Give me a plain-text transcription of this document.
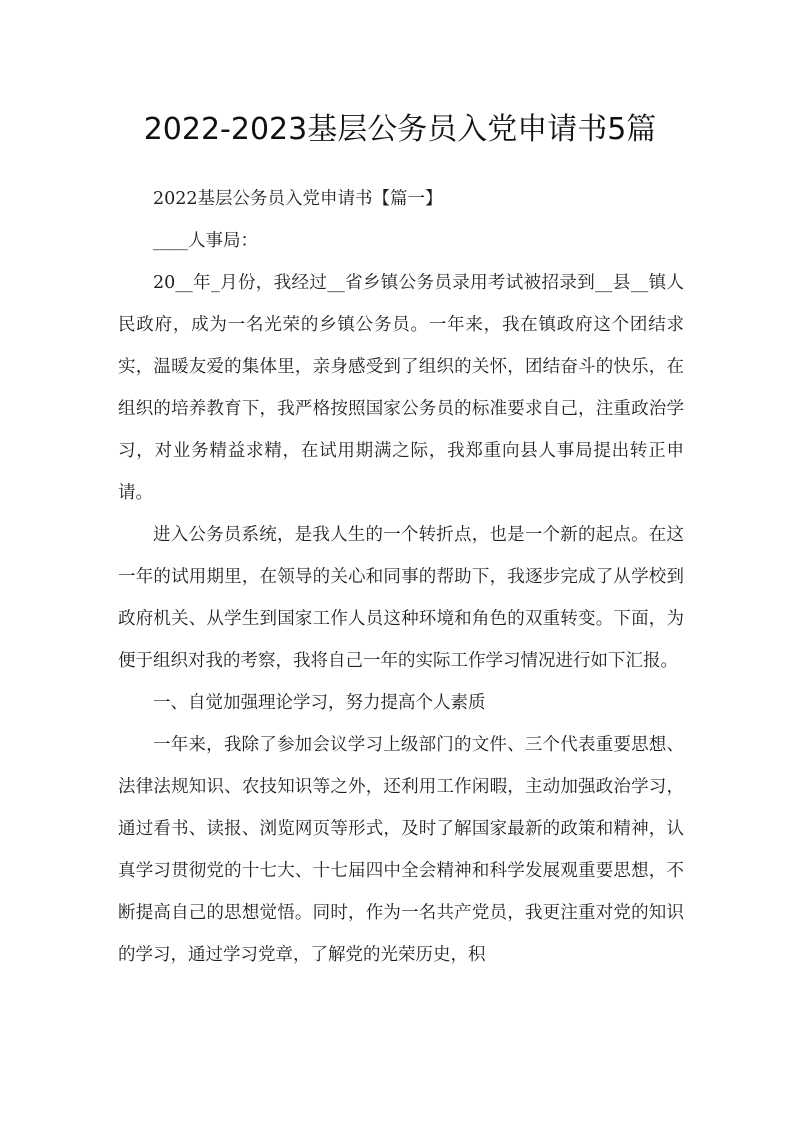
2022-2023基层公务员入党申请书5篇

2022基层公务员入党申请书【篇一】

____人事局：

20__年_月份，我经过__省乡镇公务员录用考试被招录到__县__镇人民政府，成为一名光荣的乡镇公务员。一年来，我在镇政府这个团结求实，温暖友爱的集体里，亲身感受到了组织的关怀，团结奋斗的快乐，在组织的培养教育下，我严格按照国家公务员的标准要求自己，注重政治学习，对业务精益求精，在试用期满之际，我郑重向县人事局提出转正申请。

进入公务员系统，是我人生的一个转折点，也是一个新的起点。在这一年的试用期里，在领导的关心和同事的帮助下，我逐步完成了从学校到政府机关、从学生到国家工作人员这种环境和角色的双重转变。下面，为便于组织对我的考察，我将自己一年的实际工作学习情况进行如下汇报。

一、自觉加强理论学习，努力提高个人素质

一年来，我除了参加会议学习上级部门的文件、三个代表重要思想、法律法规知识、农技知识等之外，还利用工作闲暇，主动加强政治学习，通过看书、读报、浏览网页等形式，及时了解国家最新的政策和精神，认真学习贯彻党的十七大、十七届四中全会精神和科学发展观重要思想，不断提高自己的思想觉悟。同时，作为一名共产党员，我更注重对党的知识的学习，通过学习党章，了解党的光荣历史，积
